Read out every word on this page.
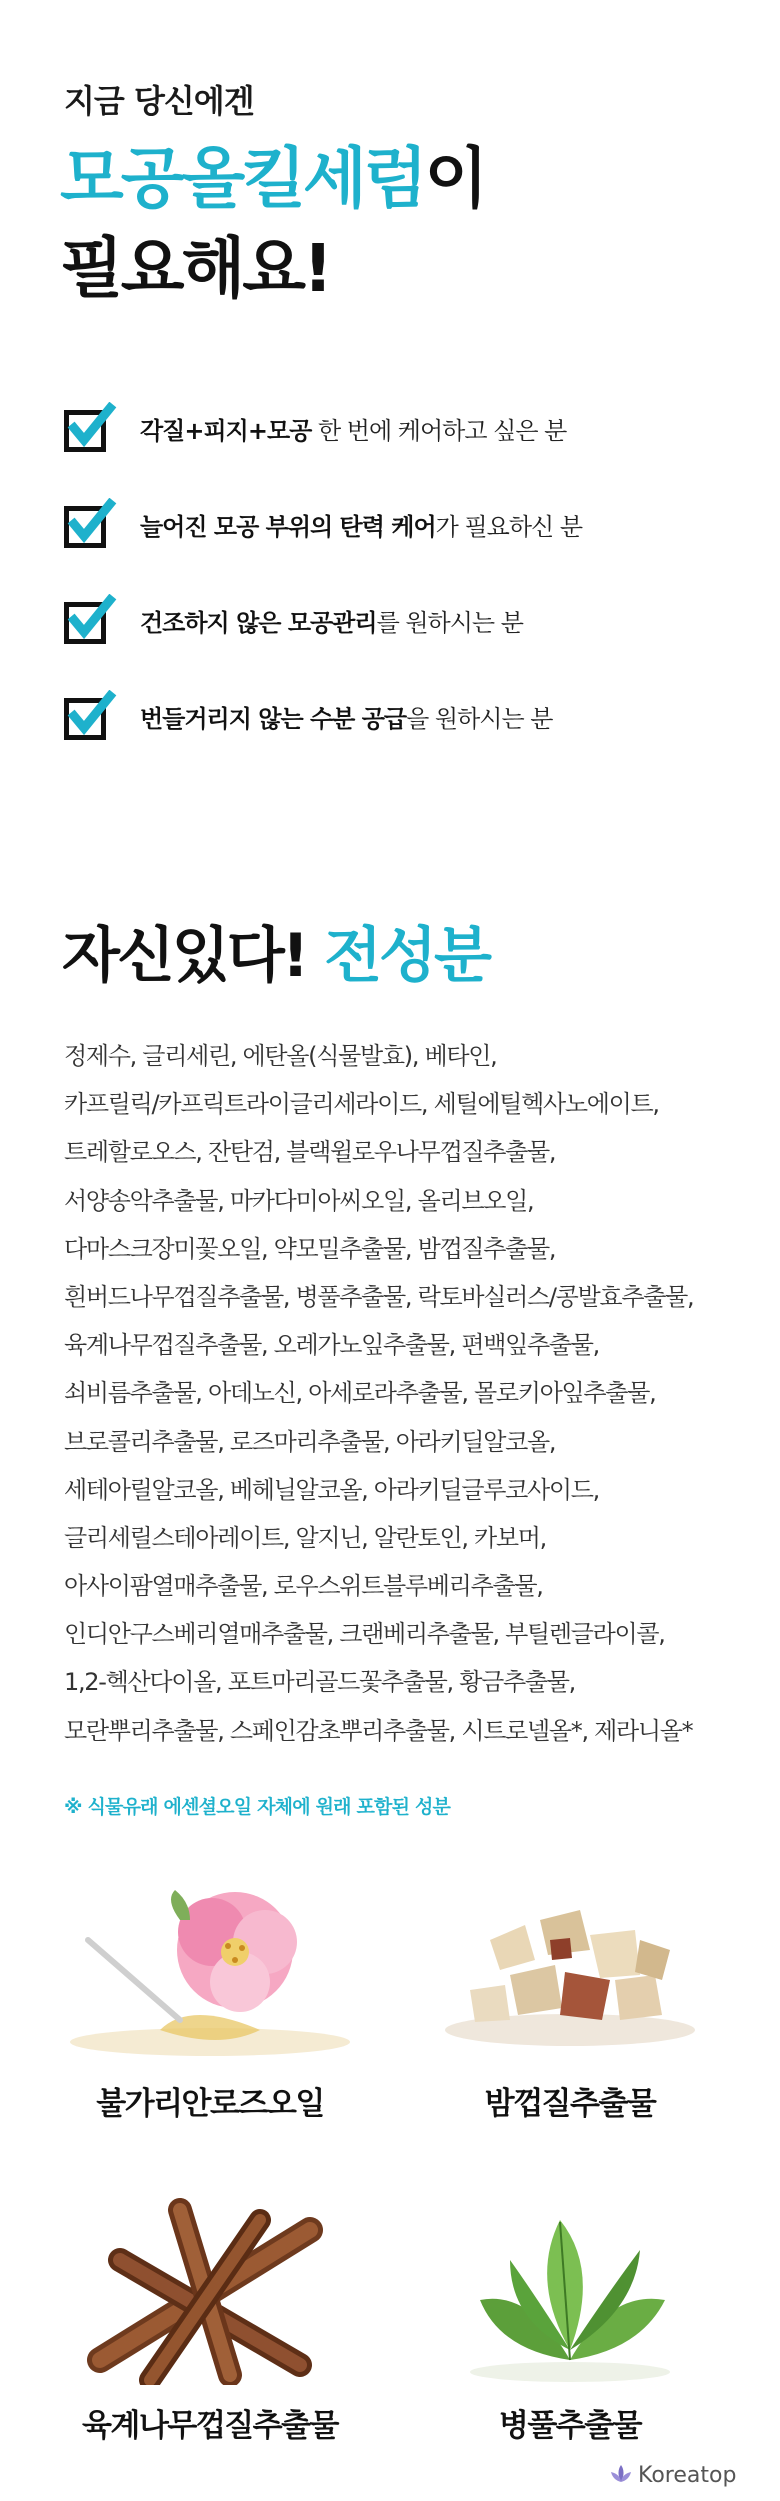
지금 당신에겐
모공올킬세럼이
필요해요!
각질+피지+모공 한 번에 케어하고 싶은 분
늘어진 모공 부위의 탄력 케어가 필요하신 분
건조하지 않은 모공관리를 원하시는 분
번들거리지 않는 수분 공급을 원하시는 분
자신있다! 전성분
정제수, 글리세린, 에탄올(식물발효), 베타인,
카프릴릭/카프릭트라이글리세라이드, 세틸에틸헥사노에이트,
트레할로오스, 잔탄검, 블랙윌로우나무껍질추출물,
서양송악추출물, 마카다미아씨오일, 올리브오일,
다마스크장미꽃오일, 약모밀추출물, 밤껍질추출물,
흰버드나무껍질추출물, 병풀추출물, 락토바실러스/콩발효추출물,
육계나무껍질추출물, 오레가노잎추출물, 편백잎추출물,
쇠비름추출물, 아데노신, 아세로라추출물, 몰로키아잎추출물,
브로콜리추출물, 로즈마리추출물, 아라키딜알코올,
세테아릴알코올, 베헤닐알코올, 아라키딜글루코사이드,
글리세릴스테아레이트, 알지닌, 알란토인, 카보머,
아사이팜열매추출물, 로우스위트블루베리추출물,
인디안구스베리열매추출물, 크랜베리추출물, 부틸렌글라이콜,
1,2-헥산다이올, 포트마리골드꽃추출물, 황금추출물,
모란뿌리추출물, 스페인감초뿌리추출물, 시트로넬올*, 제라니올*
※ 식물유래 에센셜오일 자체에 원래 포함된 성분
불가리안로즈오일	밤껍질추출물
육계나무껍질추출물	병풀추출물
Koreatop
